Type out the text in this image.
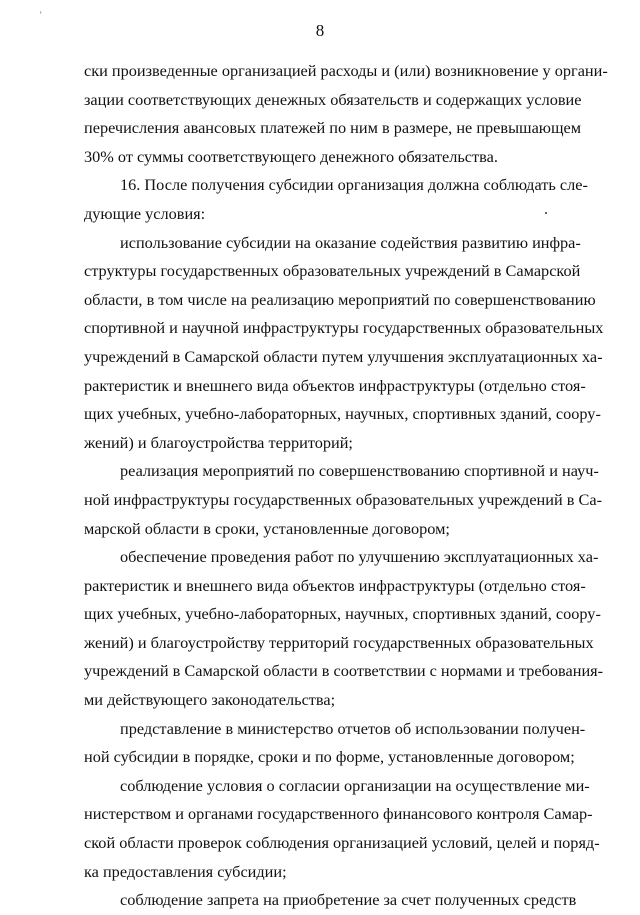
'
8

ски произведенные организацией расходы и (или) возникновение у органи-
зации соответствующих денежных обязательств и содержащих условие
перечисления авансовых платежей по ним в размере, не превышающем
30% от суммы соответствующего денежного обязательства.

16. После получения субсидии организация должна соблюдать сле-
дующие условия:

использование субсидии на оказание содействия развитию инфра-
структуры государственных образовательных учреждений в Самарской
области, в том числе на реализацию мероприятий по совершенствованию
спортивной и научной инфраструктуры государственных образовательных
учреждений в Самарской области путем улучшения эксплуатационных ха-
рактеристик и внешнего вида объектов инфраструктуры (отдельно стоя-
щих учебных, учебно-лабораторных, научных, спортивных зданий, соору-
жений) и благоустройства территорий;

реализация мероприятий по совершенствованию спортивной и науч-
ной инфраструктуры государственных образовательных учреждений в Са-
марской области в сроки, установленные договором;

обеспечение проведения работ по улучшению эксплуатационных ха-
рактеристик и внешнего вида объектов инфраструктуры (отдельно стоя-
щих учебных, учебно-лабораторных, научных, спортивных зданий, соору-
жений) и благоустройству территорий государственных образовательных
учреждений в Самарской области в соответствии с нормами и требования-
ми действующего законодательства;

представление в министерство отчетов об использовании получен-
ной субсидии в порядке, сроки и по форме, установленные договором;

соблюдение условия о согласии организации на осуществление ми-
нистерством и органами государственного финансового контроля Самар-
ской области проверок соблюдения организацией условий, целей и поряд-
ка предоставления субсидии;

соблюдение запрета на приобретение за счет полученных средств
